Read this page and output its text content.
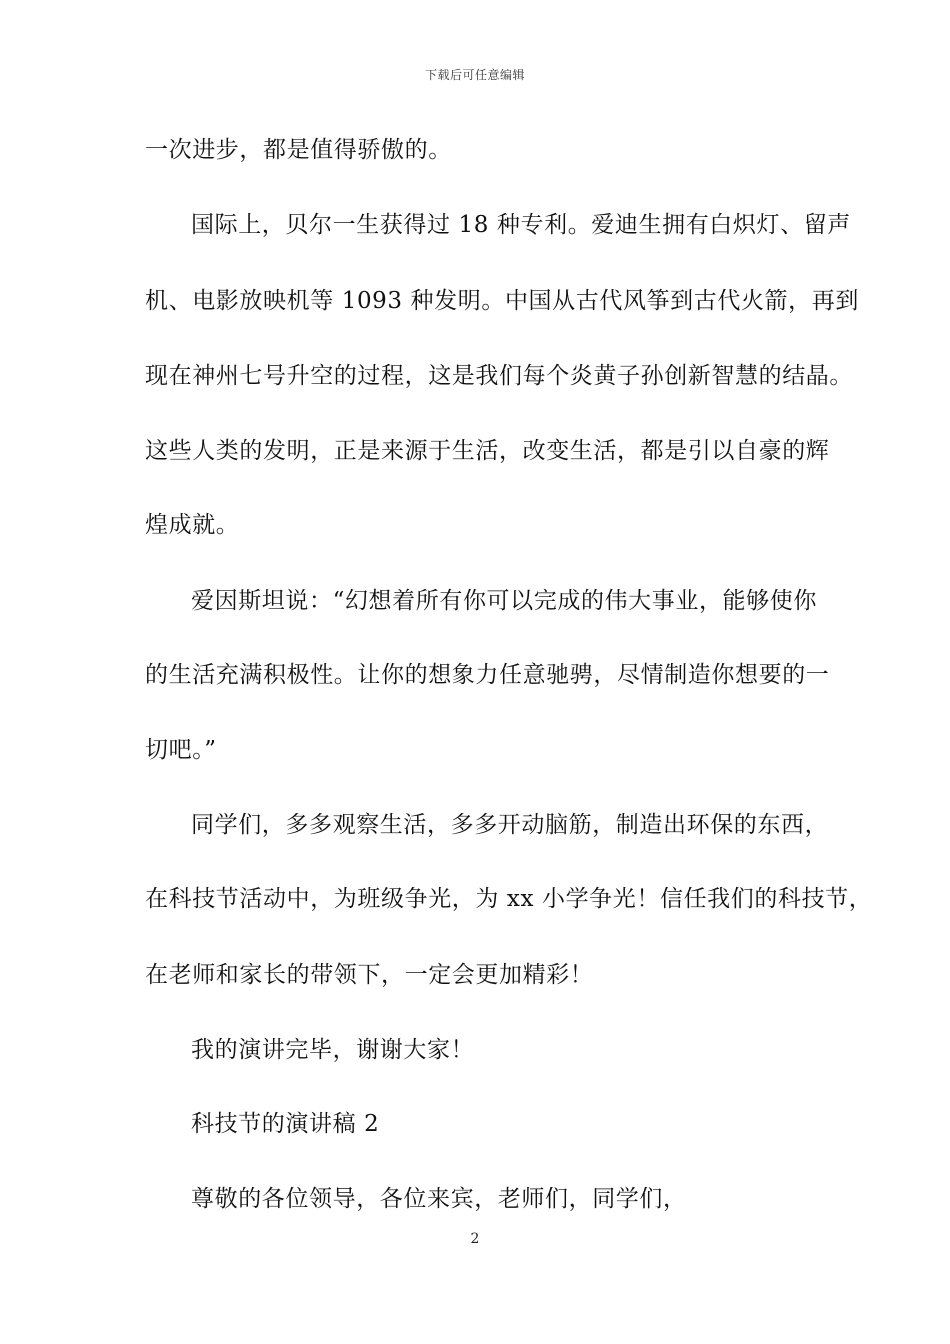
下载后可任意编辑
一次进步，都是值得骄傲的。
国际上，贝尔一生获得过 18 种专利。爱迪生拥有白炽灯、留声
机、电影放映机等 1093 种发明。中国从古代风筝到古代火箭，再到
现在神州七号升空的过程，这是我们每个炎黄子孙创新智慧的结晶。
这些人类的发明，正是来源于生活，改变生活，都是引以自豪的辉
煌成就。
爱因斯坦说：“幻想着所有你可以完成的伟大事业，能够使你
的生活充满积极性。让你的想象力任意驰骋，尽情制造你想要的一
切吧。”
同学们，多多观察生活，多多开动脑筋，制造出环保的东西，
在科技节活动中，为班级争光，为 xx 小学争光！信任我们的科技节，
在老师和家长的带领下，一定会更加精彩！
我的演讲完毕，谢谢大家！
科技节的演讲稿 2
尊敬的各位领导，各位来宾，老师们，同学们，
2
